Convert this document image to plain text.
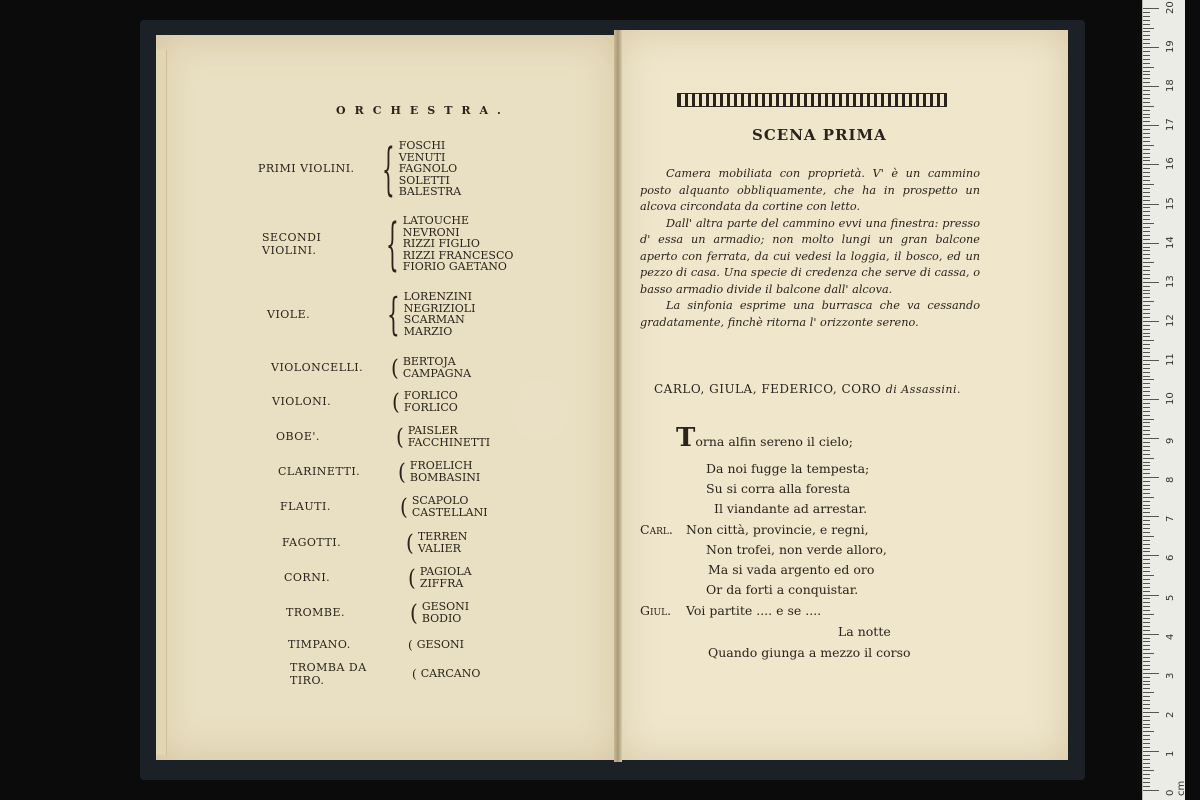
ORCHESTRA.
PRIMI VIOLINI.	{ FOSCHI
VENUTI
FAGNOLO
SOLETTI
BALESTRA
SECONDI VIOLINI.	{ LATOUCHE
NEVRONI
RIZZI FIGLIO
RIZZI FRANCESCO
FIORIO GAETANO
VIOLE.	{ LORENZINI
NEGRIZIOLI
SCARMAN
MARZIO
VIOLONCELLI.	( BERTOJA
CAMPAGNA
VIOLONI.	( FORLICO
FORLICO
OBOE'.	( PAISLER
FACCHINETTI
CLARINETTI.	( FROELICH
BOMBASINI
FLAUTI.	( SCAPOLO
CASTELLANI
FAGOTTI.	( TERREN
VALIER
CORNI.	( PAGIOLA
ZIFFRA
TROMBE.	( GESONI
BODIO
TIMPANO.	( GESONI
TROMBA DA TIRO.	( CARCANO
SCENA PRIMA

Camera mobiliata con proprietà. V' è un cammino posto alquanto obbliquamente, che ha in prospetto un alcova circondata da cortine con letto.

Dall' altra parte del cammino evvi una finestra: presso d' essa un armadio; non molto lungi un gran balcone aperto con ferrata, da cui vedesi la loggia, il bosco, ed un pezzo di casa. Una specie di credenza che serve di cassa, o basso armadio divide il balcone dall' alcova.

La sinfonia esprime una burrasca che va cessando gradatamente, finchè ritorna l' orizzonte sereno.

CARLO, GIULA, FEDERICO, CORO di Assassini.
Torna alfin sereno il cielo;
Da noi fugge la tempesta;
Su si corra alla foresta
Il viandante ad arrestar.
Carl. Non città, provincie, e regni,
Non trofei, non verde alloro,
Ma si vada argento ed oro
Or da forti a conquistar.
Giul. Voi partite .... e se ....
La notte
Quando giunga a mezzo il corso
20
19
18
17
16
15
14
13
12
11
10
9
8
7
6
5
4
3
2
1
0 cm
